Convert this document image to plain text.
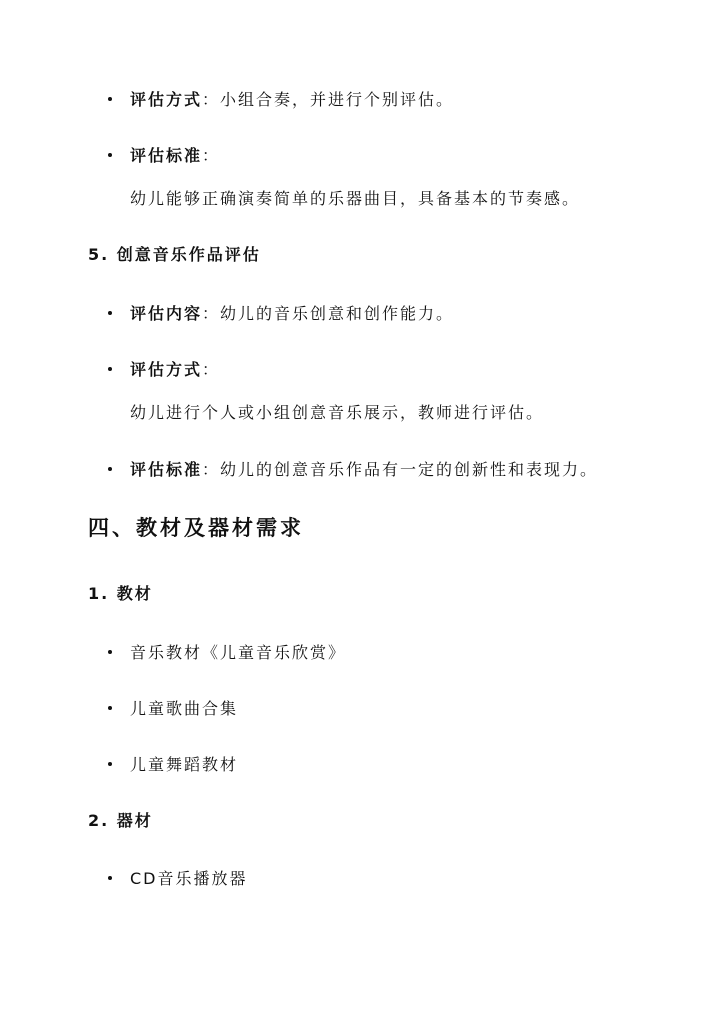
评估方式：小组合奏，并进行个别评估。
评估标准：
幼儿能够正确演奏简单的乐器曲目，具备基本的节奏感。
5. 创意音乐作品评估
评估内容：幼儿的音乐创意和创作能力。
评估方式：
幼儿进行个人或小组创意音乐展示，教师进行评估。
评估标准：幼儿的创意音乐作品有一定的创新性和表现力。
四、教材及器材需求
1. 教材
音乐教材《儿童音乐欣赏》
儿童歌曲合集
儿童舞蹈教材
2. 器材
CD音乐播放器
